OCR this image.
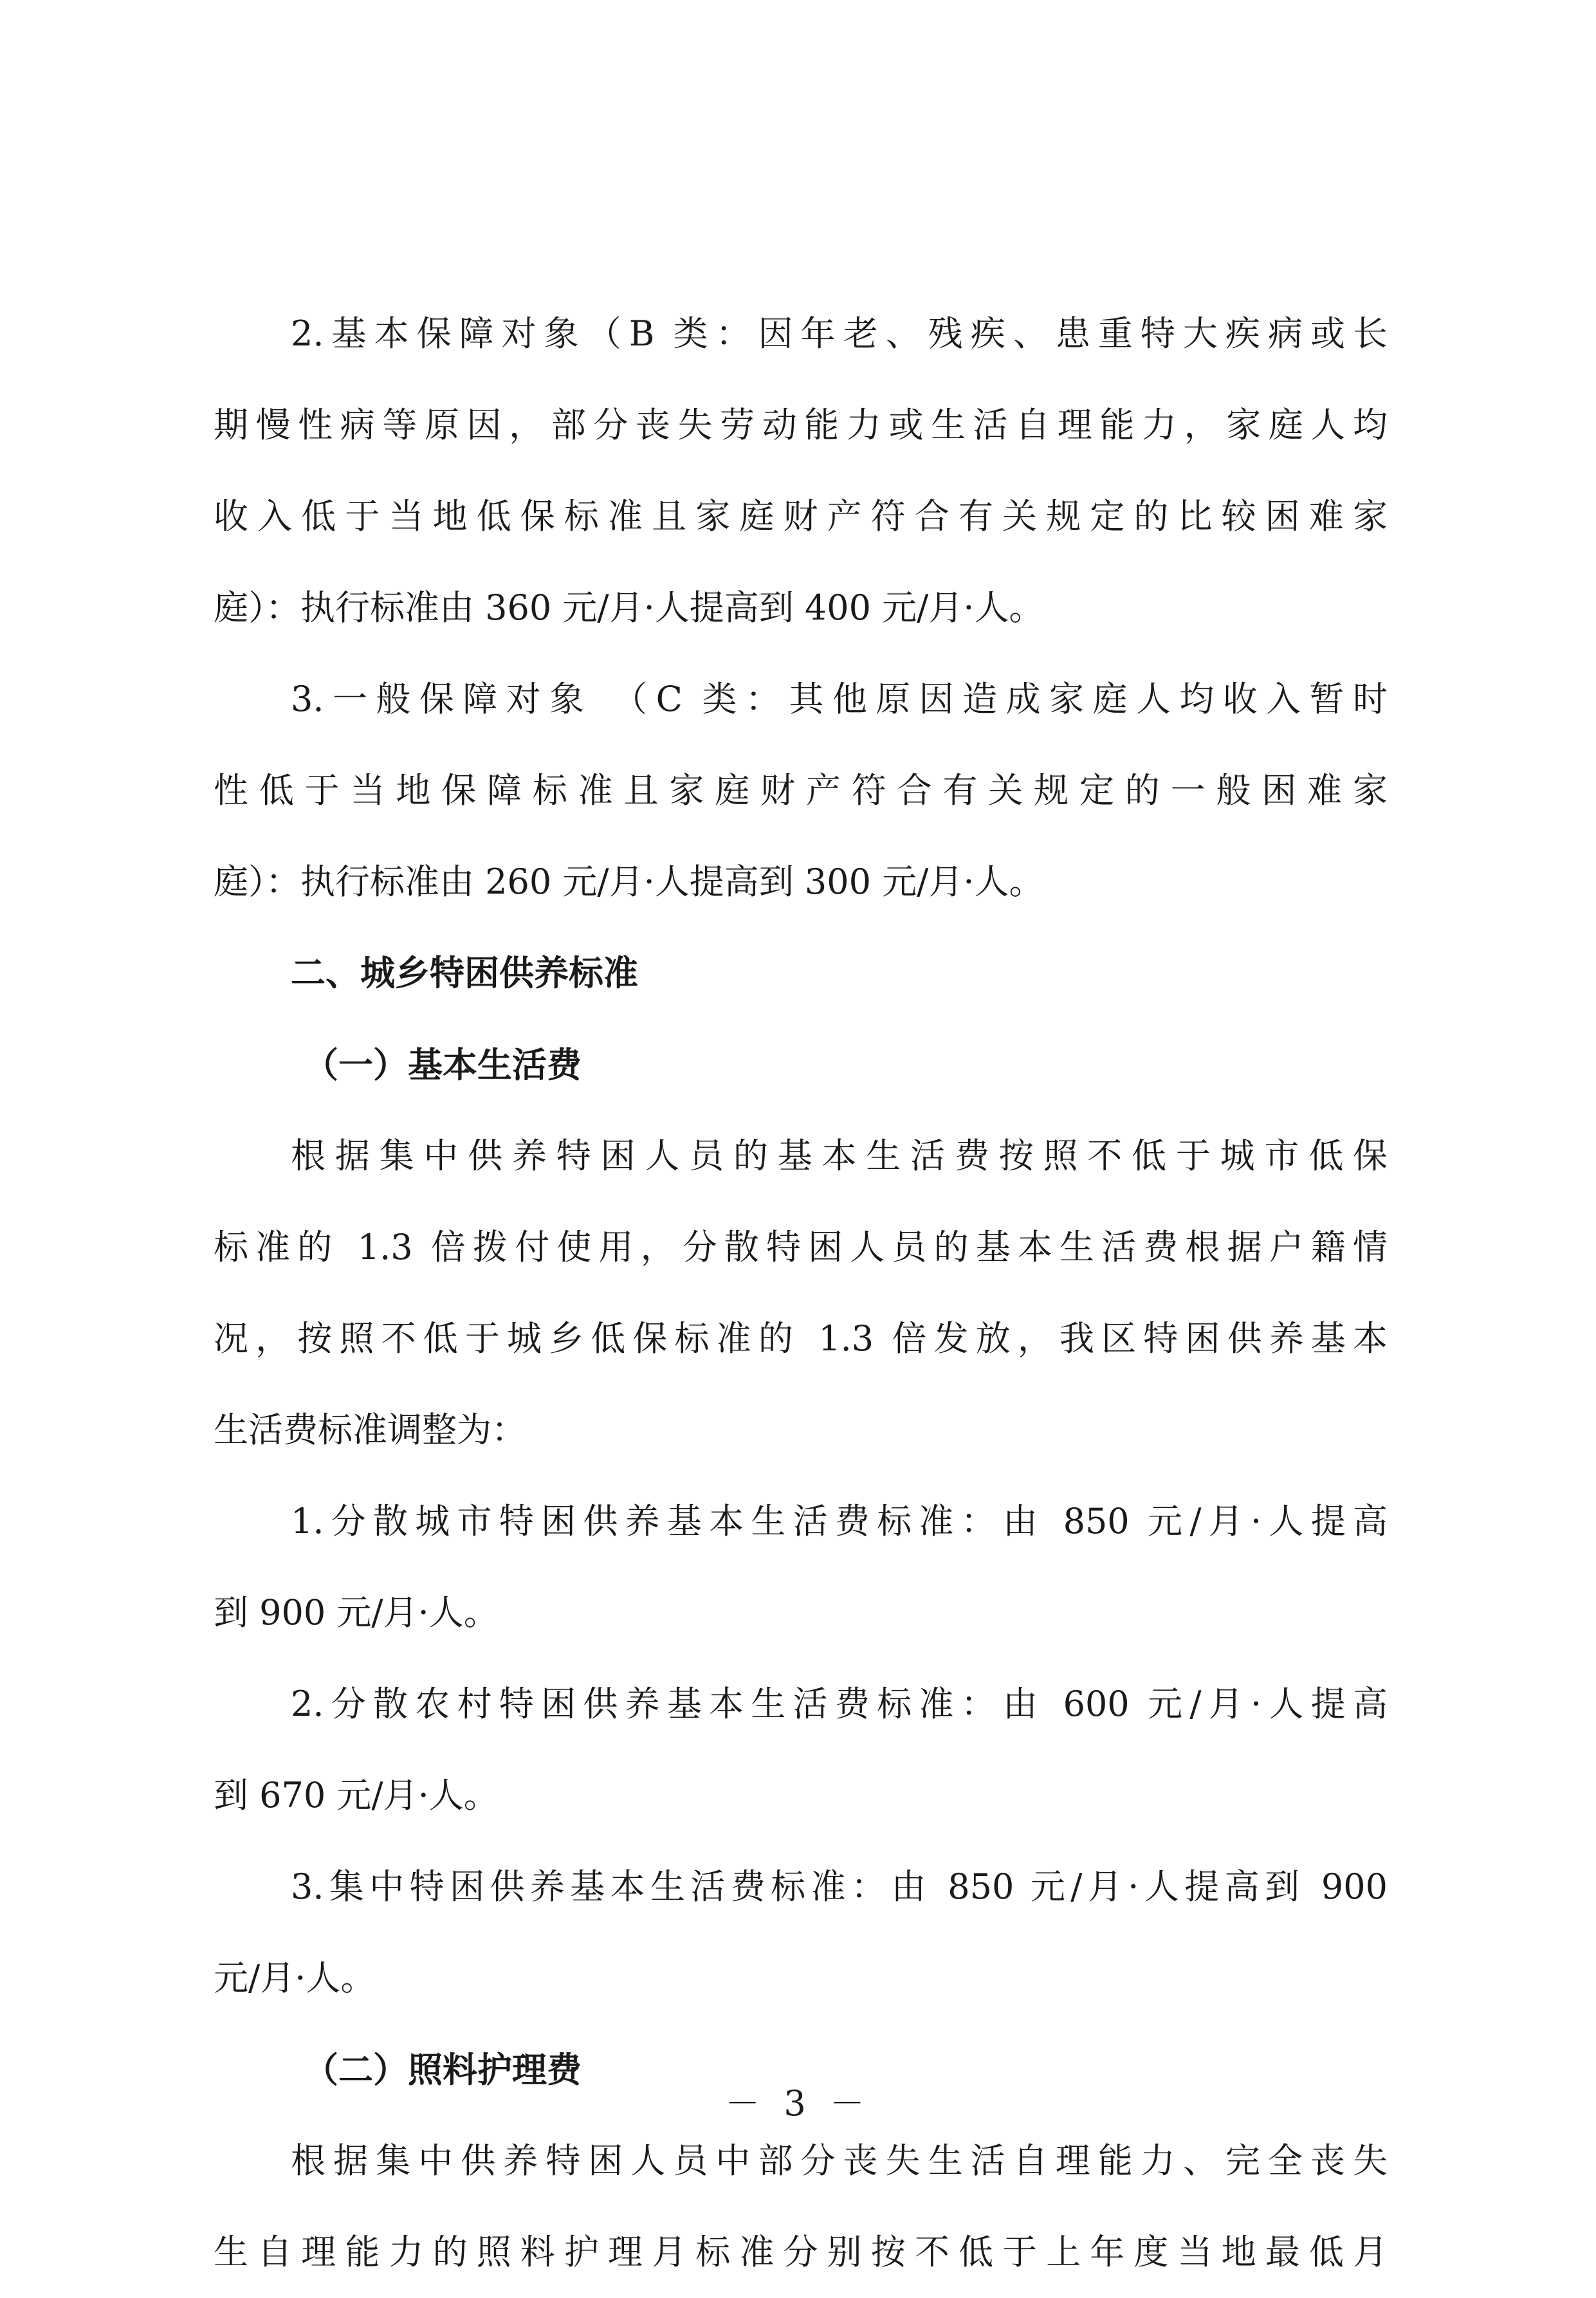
2.基本保障对象（B 类：因年老、残疾、患重特大疾病或长
期慢性病等原因，部分丧失劳动能力或生活自理能力，家庭人均
收入低于当地低保标准且家庭财产符合有关规定的比较困难家
庭）：执行标准由 360 元/月·人提高到 400 元/月·人。
3.一般保障对象 （C 类：其他原因造成家庭人均收入暂时
性低于当地保障标准且家庭财产符合有关规定的一般困难家
庭）：执行标准由 260 元/月·人提高到 300 元/月·人。
二、城乡特困供养标准
（一）基本生活费
根据集中供养特困人员的基本生活费按照不低于城市低保
标准的 1.3 倍拨付使用，分散特困人员的基本生活费根据户籍情
况，按照不低于城乡低保标准的 1.3 倍发放，我区特困供养基本
生活费标准调整为：
1.分散城市特困供养基本生活费标准：由 850 元/月·人提高
到 900 元/月·人。
2.分散农村特困供养基本生活费标准：由 600 元/月·人提高
到 670 元/月·人。
3.集中特困供养基本生活费标准：由 850 元/月·人提高到 900
元/月·人。
（二）照料护理费
根据集中供养特困人员中部分丧失生活自理能力、完全丧失
生自理能力的照料护理月标准分别按不低于上年度当地最低月
－ 3 －
